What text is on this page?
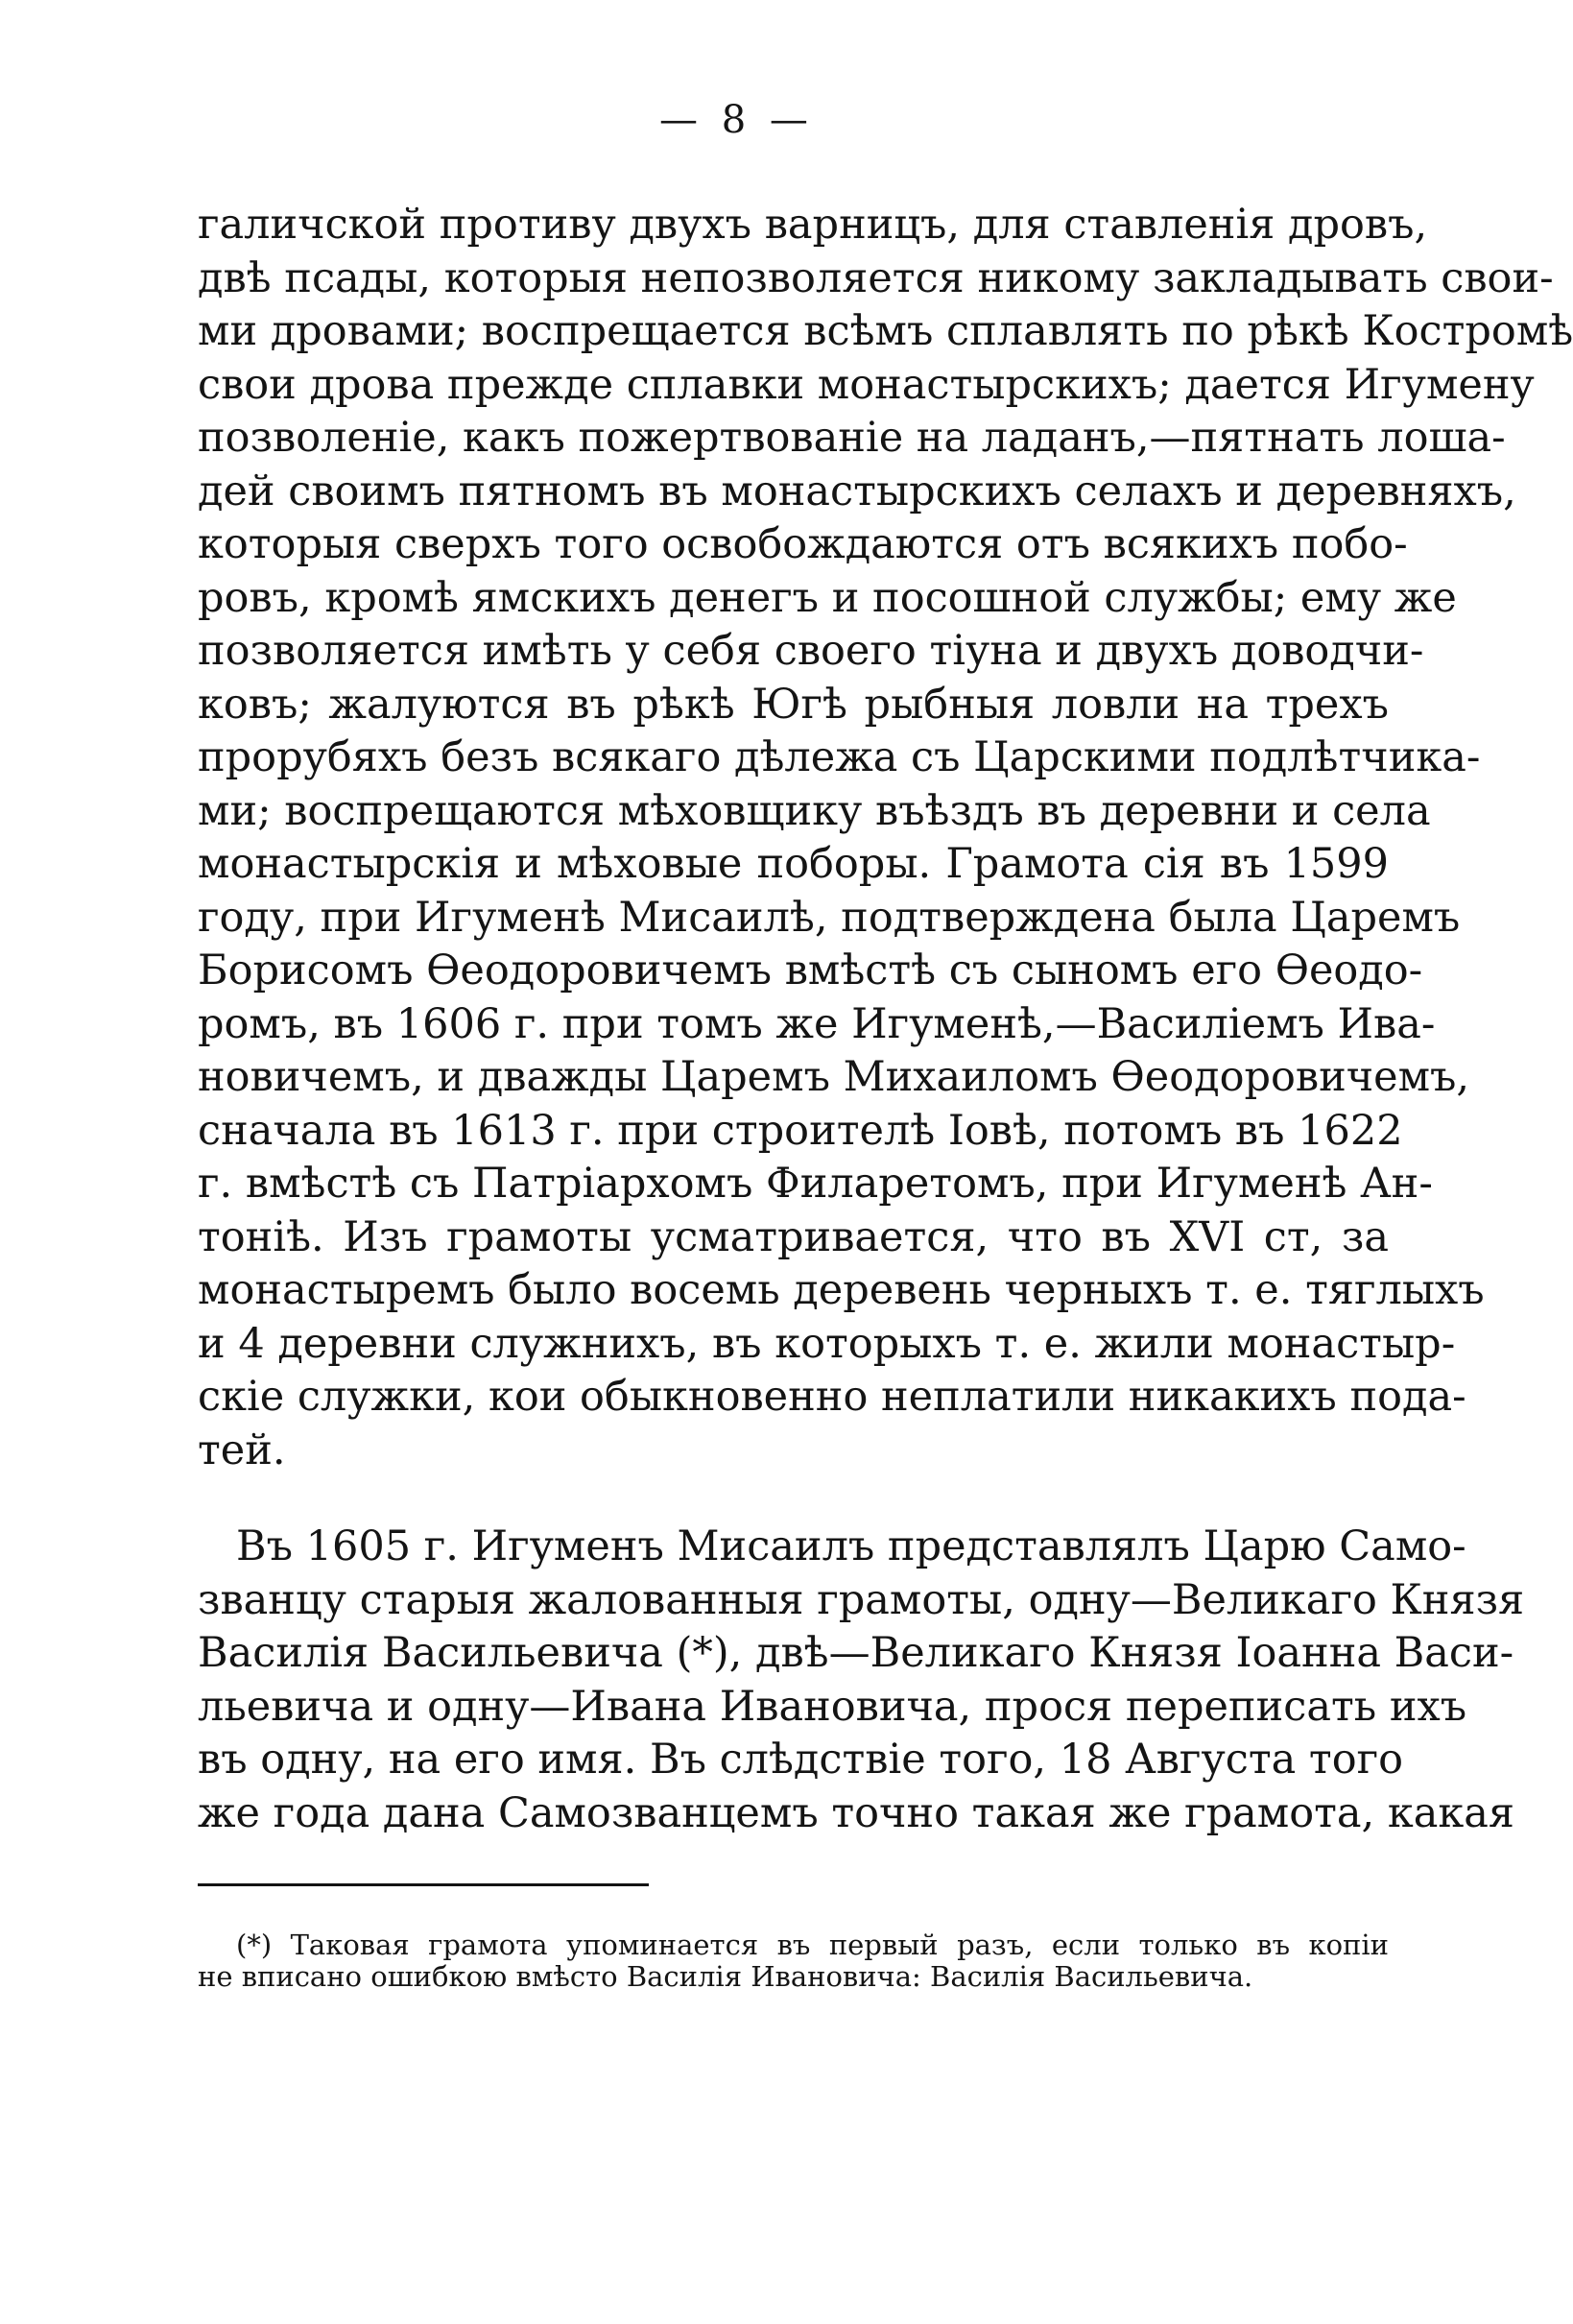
— 8 —
галичской противу двухъ варницъ, для ставленія дровъ,
двѣ псады, которыя непозволяется никому закладывать свои-
ми дровами; воспрещается всѣмъ сплавлять по рѣкѣ Костромѣ
свои дрова прежде сплавки монастырскихъ; дается Игумену
позволеніе, какъ пожертвованіе на ладанъ,—пятнать лоша-
дей своимъ пятномъ въ монастырскихъ селахъ и деревняхъ,
которыя сверхъ того освобождаются отъ всякихъ побо-
ровъ, кромѣ ямскихъ денегъ и посошной службы; ему же
позволяется имѣть у себя своего тіуна и двухъ доводчи-
ковъ; жалуются въ рѣкѣ Югѣ рыбныя ловли на трехъ
прорубяхъ безъ всякаго дѣлежа съ Царскими подлѣтчика-
ми; воспрещаются мѣховщику въѣздъ въ деревни и села
монастырскія и мѣховые поборы. Грамота сія въ 1599
году, при Игуменѣ Мисаилѣ, подтверждена была Царемъ
Борисомъ Ѳеодоровичемъ вмѣстѣ съ сыномъ его Ѳеодо-
ромъ, въ 1606 г. при томъ же Игуменѣ,—Василіемъ Ива-
новичемъ, и дважды Царемъ Михаиломъ Ѳеодоровичемъ,
сначала въ 1613 г. при строителѣ Іовѣ, потомъ въ 1622
г. вмѣстѣ съ Патріархомъ Филаретомъ, при Игуменѣ Ан-
тоніѣ. Изъ грамоты усматривается, что въ XVI ст, за
монастыремъ было восемь деревень черныхъ т. е. тяглыхъ
и 4 деревни служнихъ, въ которыхъ т. е. жили монастыр-
скіе служки, кои обыкновенно неплатили никакихъ пода-
тей.
Въ 1605 г. Игуменъ Мисаилъ представлялъ Царю Само-
званцу старыя жалованныя грамоты, одну—Великаго Князя
Василія Васильевича (*), двѣ—Великаго Князя Іоанна Васи-
льевича и одну—Ивана Ивановича, прося переписать ихъ
въ одну, на его имя. Въ слѣдствіе того, 18 Августа того
же года дана Самозванцемъ точно такая же грамота, какая
(*) Таковая грамота упоминается въ первый разъ, если только въ копіи
не вписано ошибкою вмѣсто Василія Ивановича: Василія Васильевича.
